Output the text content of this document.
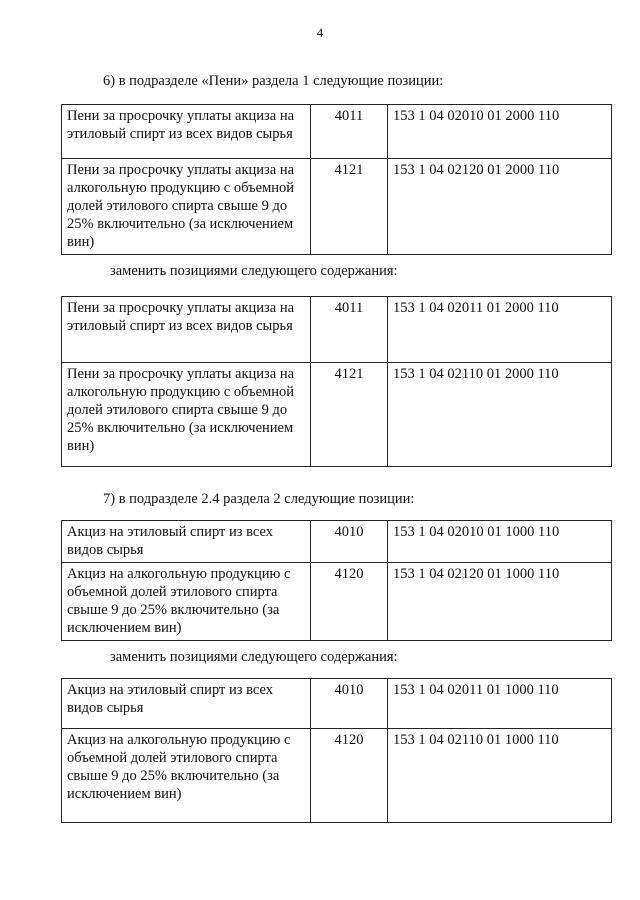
4
6) в подразделе «Пени» раздела 1 следующие позиции:
Пени за просрочку уплаты акциза на этиловый спирт из всех видов сырья	4011	153 1 04 02010 01 2000 110
Пени за просрочку уплаты акциза на алкогольную продукцию с объемной долей этилового спирта свыше 9 до 25% включительно (за исключением вин)	4121	153 1 04 02120 01 2000 110
заменить позициями следующего содержания:
Пени за просрочку уплаты акциза на этиловый спирт из всех видов сырья	4011	153 1 04 02011 01 2000 110
Пени за просрочку уплаты акциза на алкогольную продукцию с объемной долей этилового спирта свыше 9 до 25% включительно (за исключением вин)	4121	153 1 04 02110 01 2000 110
7) в подразделе 2.4 раздела 2 следующие позиции:
Акциз на этиловый спирт из всех видов сырья	4010	153 1 04 02010 01 1000 110
Акциз на алкогольную продукцию с объемной долей этилового спирта свыше 9 до 25% включительно (за исключением вин)	4120	153 1 04 02120 01 1000 110
заменить позициями следующего содержания:
Акциз на этиловый спирт из всех видов сырья	4010	153 1 04 02011 01 1000 110
Акциз на алкогольную продукцию с объемной долей этилового спирта свыше 9 до 25% включительно (за исключением вин)	4120	153 1 04 02110 01 1000 110
